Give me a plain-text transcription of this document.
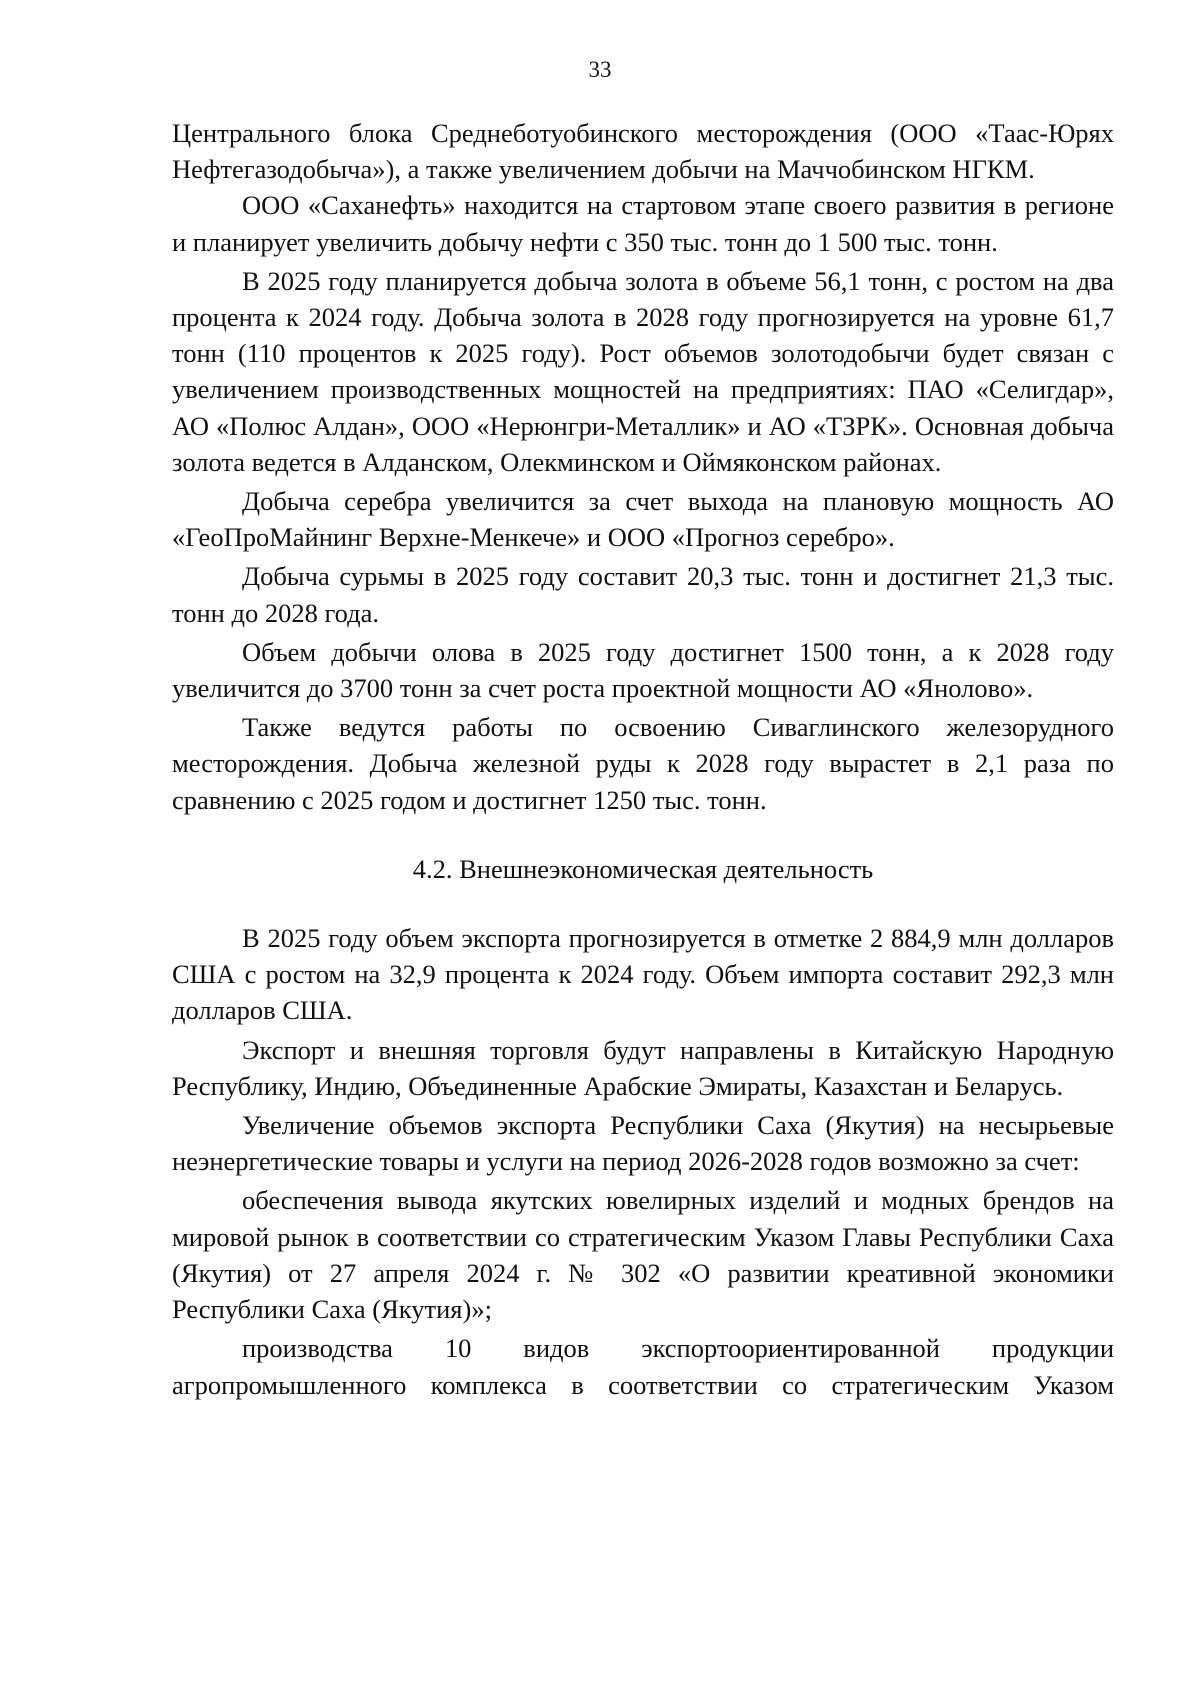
33

Центрального блока Среднеботуобинского месторождения (ООО «Таас-Юрях Нефтегазодобыча»), а также увеличением добычи на Маччобинском НГКМ.

ООО «Саханефть» находится на стартовом этапе своего развития в регионе и планирует увеличить добычу нефти с 350 тыс. тонн до 1 500 тыс. тонн.

В 2025 году планируется добыча золота в объеме 56,1 тонн, с ростом на два процента к 2024 году. Добыча золота в 2028 году прогнозируется на уровне 61,7 тонн (110 процентов к 2025 году). Рост объемов золотодобычи будет связан с увеличением производственных мощностей на предприятиях: ПАО «Селигдар», АО «Полюс Алдан», ООО «Нерюнгри-Металлик» и АО «ТЗРК». Основная добыча золота ведется в Алданском, Олекминском и Оймяконском районах.

Добыча серебра увеличится за счет выхода на плановую мощность АО «ГеоПроМайнинг Верхне-Менкече» и ООО «Прогноз серебро».

Добыча сурьмы в 2025 году составит 20,3 тыс. тонн и достигнет 21,3 тыс. тонн до 2028 года.

Объем добычи олова в 2025 году достигнет 1500 тонн, а к 2028 году увеличится до 3700 тонн за счет роста проектной мощности АО «Янолово».

Также ведутся работы по освоению Сиваглинского железорудного месторождения. Добыча железной руды к 2028 году вырастет в 2,1 раза по сравнению с 2025 годом и достигнет 1250 тыс. тонн.

4.2. Внешнеэкономическая деятельность

В 2025 году объем экспорта прогнозируется в отметке 2 884,9 млн долларов США с ростом на 32,9 процента к 2024 году. Объем импорта составит 292,3 млн долларов США.

Экспорт и внешняя торговля будут направлены в Китайскую Народную Республику, Индию, Объединенные Арабские Эмираты, Казахстан и Беларусь.

Увеличение объемов экспорта Республики Саха (Якутия) на несырьевые неэнергетические товары и услуги на период 2026-2028 годов возможно за счет:

обеспечения вывода якутских ювелирных изделий и модных брендов на мировой рынок в соответствии со стратегическим Указом Главы Республики Саха (Якутия) от 27 апреля 2024 г. № 302 «О развитии креативной экономики Республики Саха (Якутия)»;

производства 10 видов экспортоориентированной продукции агропромышленного комплекса в соответствии со стратегическим Указом
